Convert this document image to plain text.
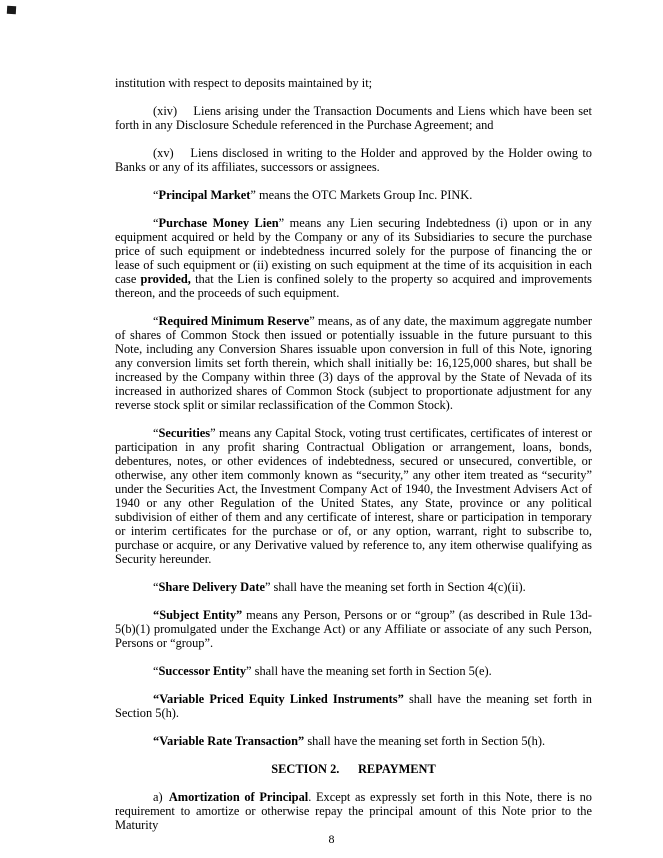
institution with respect to deposits maintained by it;

(xiv)  Liens arising under the Transaction Documents and Liens which have been set forth in any Disclosure Schedule referenced in the Purchase Agreement; and

(xv)  Liens disclosed in writing to the Holder and approved by the Holder owing to Banks or any of its affiliates, successors or assignees.

“Principal Market” means the OTC Markets Group Inc. PINK.

“Purchase Money Lien” means any Lien securing Indebtedness (i) upon or in any equipment acquired or held by the Company or any of its Subsidiaries to secure the purchase price of such equipment or indebtedness incurred solely for the purpose of financing the or lease of such equipment or (ii) existing on such equipment at the time of its acquisition in each case provided, that the Lien is confined solely to the property so acquired and improvements thereon, and the proceeds of such equipment.

“Required Minimum Reserve” means, as of any date, the maximum aggregate number of shares of Common Stock then issued or potentially issuable in the future pursuant to this Note, including any Conversion Shares issuable upon conversion in full of this Note, ignoring any conversion limits set forth therein, which shall initially be: 16,125,000 shares, but shall be increased by the Company within three (3) days of the approval by the State of Nevada of its increased in authorized shares of Common Stock (subject to proportionate adjustment for any reverse stock split or similar reclassification of the Common Stock).

“Securities” means any Capital Stock, voting trust certificates, certificates of interest or participation in any profit sharing Contractual Obligation or arrangement, loans, bonds, debentures, notes, or other evidences of indebtedness, secured or unsecured, convertible, or otherwise, any other item commonly known as “security,” any other item treated as “security” under the Securities Act, the Investment Company Act of 1940, the Investment Advisers Act of 1940 or any other Regulation of the United States, any State, province or any political subdivision of either of them and any certificate of interest, share or participation in temporary or interim certificates for the purchase or of, or any option, warrant, right to subscribe to, purchase or acquire, or any Derivative valued by reference to, any item otherwise qualifying as Security hereunder.

“Share Delivery Date” shall have the meaning set forth in Section 4(c)(ii).

“Subject Entity” means any Person, Persons or or “group” (as described in Rule 13d-5(b)(1) promulgated under the Exchange Act) or any Affiliate or associate of any such Person, Persons or “group”.

“Successor Entity” shall have the meaning set forth in Section 5(e).

“Variable Priced Equity Linked Instruments” shall have the meaning set forth in Section 5(h).

“Variable Rate Transaction” shall have the meaning set forth in Section 5(h).

SECTION 2.  REPAYMENT

a) Amortization of Principal. Except as expressly set forth in this Note, there is no requirement to amortize or otherwise repay the principal amount of this Note prior to the Maturity

8
